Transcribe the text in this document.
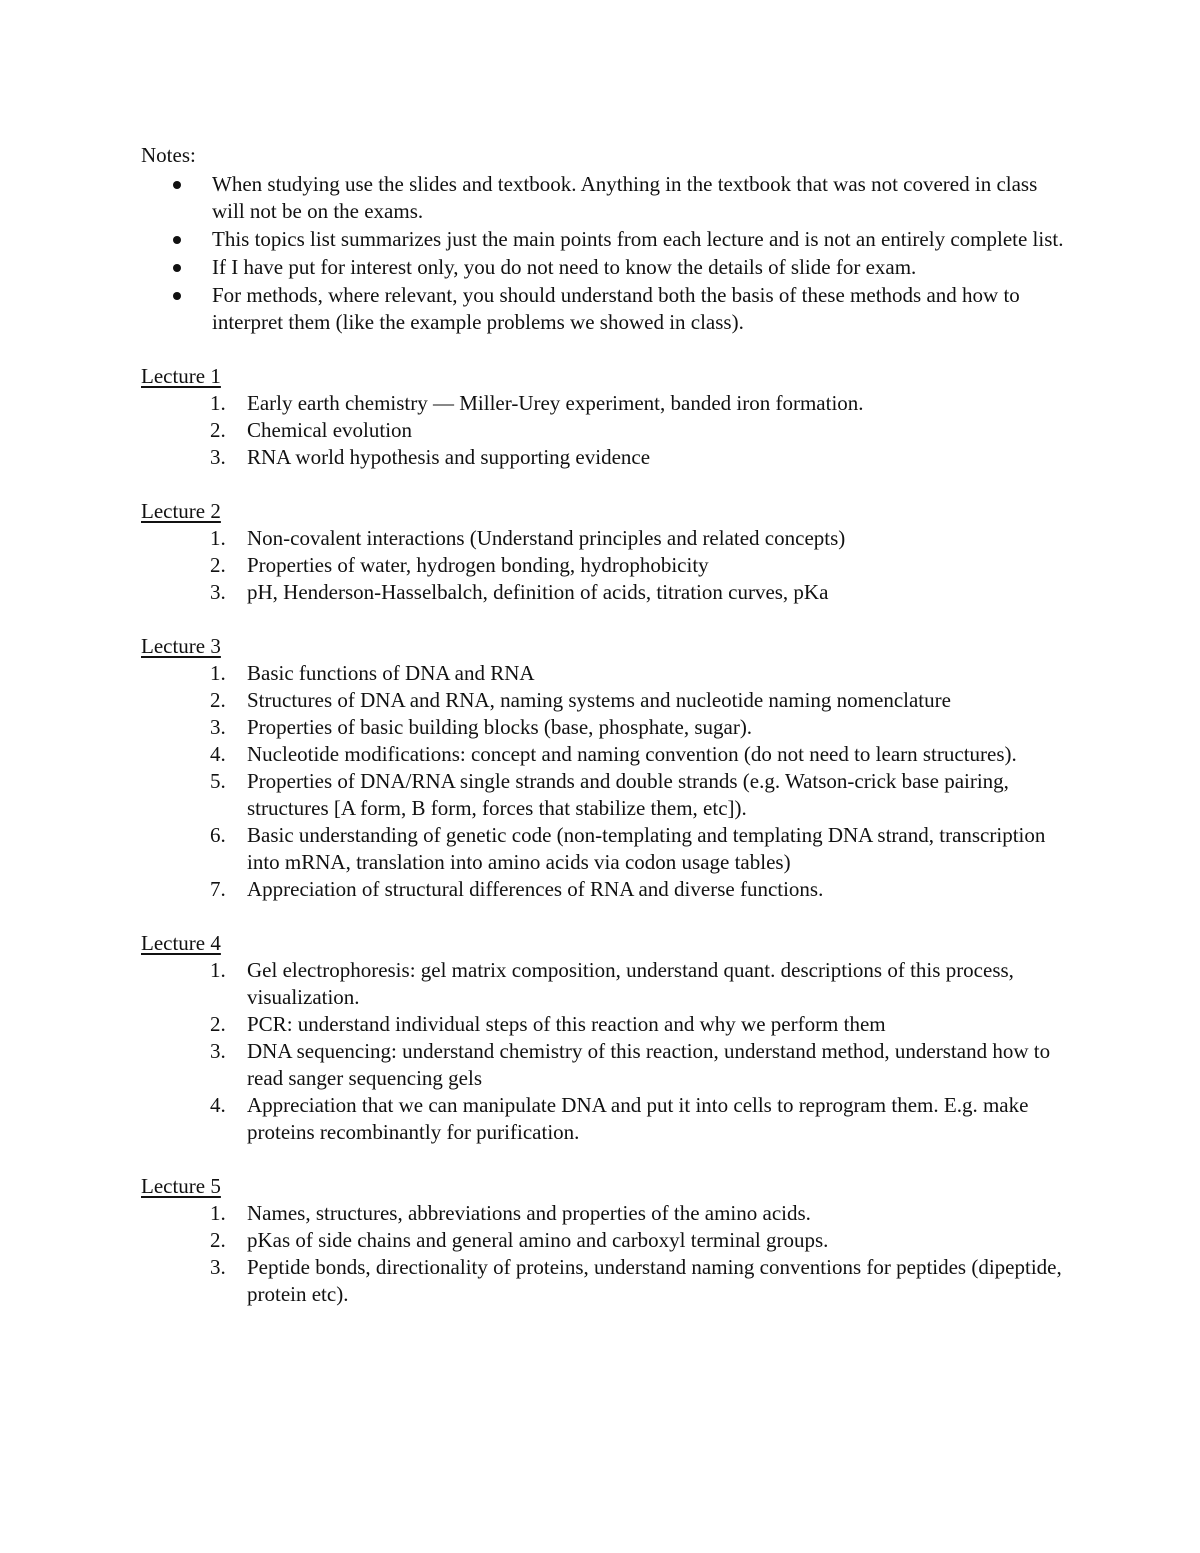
Notes:

When studying use the slides and textbook. Anything in the textbook that was not covered in class will not be on the exams.
This topics list summarizes just the main points from each lecture and is not an entirely complete list.
If I have put for interest only, you do not need to know the details of slide for exam.
For methods, where relevant, you should understand both the basis of these methods and how to interpret them (like the example problems we showed in class).

Lecture 1

1.	Early earth chemistry — Miller-Urey experiment, banded iron formation.
2.	Chemical evolution
3.	RNA world hypothesis and supporting evidence

Lecture 2

1.	Non-covalent interactions (Understand principles and related concepts)
2.	Properties of water, hydrogen bonding, hydrophobicity
3.	pH, Henderson-Hasselbalch, definition of acids, titration curves, pKa

Lecture 3

1.	Basic functions of DNA and RNA
2.	Structures of DNA and RNA, naming systems and nucleotide naming nomenclature
3.	Properties of basic building blocks (base, phosphate, sugar).
4.	Nucleotide modifications: concept and naming convention (do not need to learn structures).
5.	Properties of DNA/RNA single strands and double strands (e.g. Watson-crick base pairing, structures [A form, B form, forces that stabilize them, etc]).
6.	Basic understanding of genetic code (non-templating and templating DNA strand, transcription into mRNA, translation into amino acids via codon usage tables)
7.	Appreciation of structural differences of RNA and diverse functions.

Lecture 4

1.	Gel electrophoresis: gel matrix composition, understand quant. descriptions of this process, visualization.
2.	PCR: understand individual steps of this reaction and why we perform them
3.	DNA sequencing: understand chemistry of this reaction, understand method, understand how to read sanger sequencing gels
4.	Appreciation that we can manipulate DNA and put it into cells to reprogram them. E.g. make proteins recombinantly for purification.

Lecture 5

1.	Names, structures, abbreviations and properties of the amino acids.
2.	pKas of side chains and general amino and carboxyl terminal groups.
3.	Peptide bonds, directionality of proteins, understand naming conventions for peptides (dipeptide, protein etc).
